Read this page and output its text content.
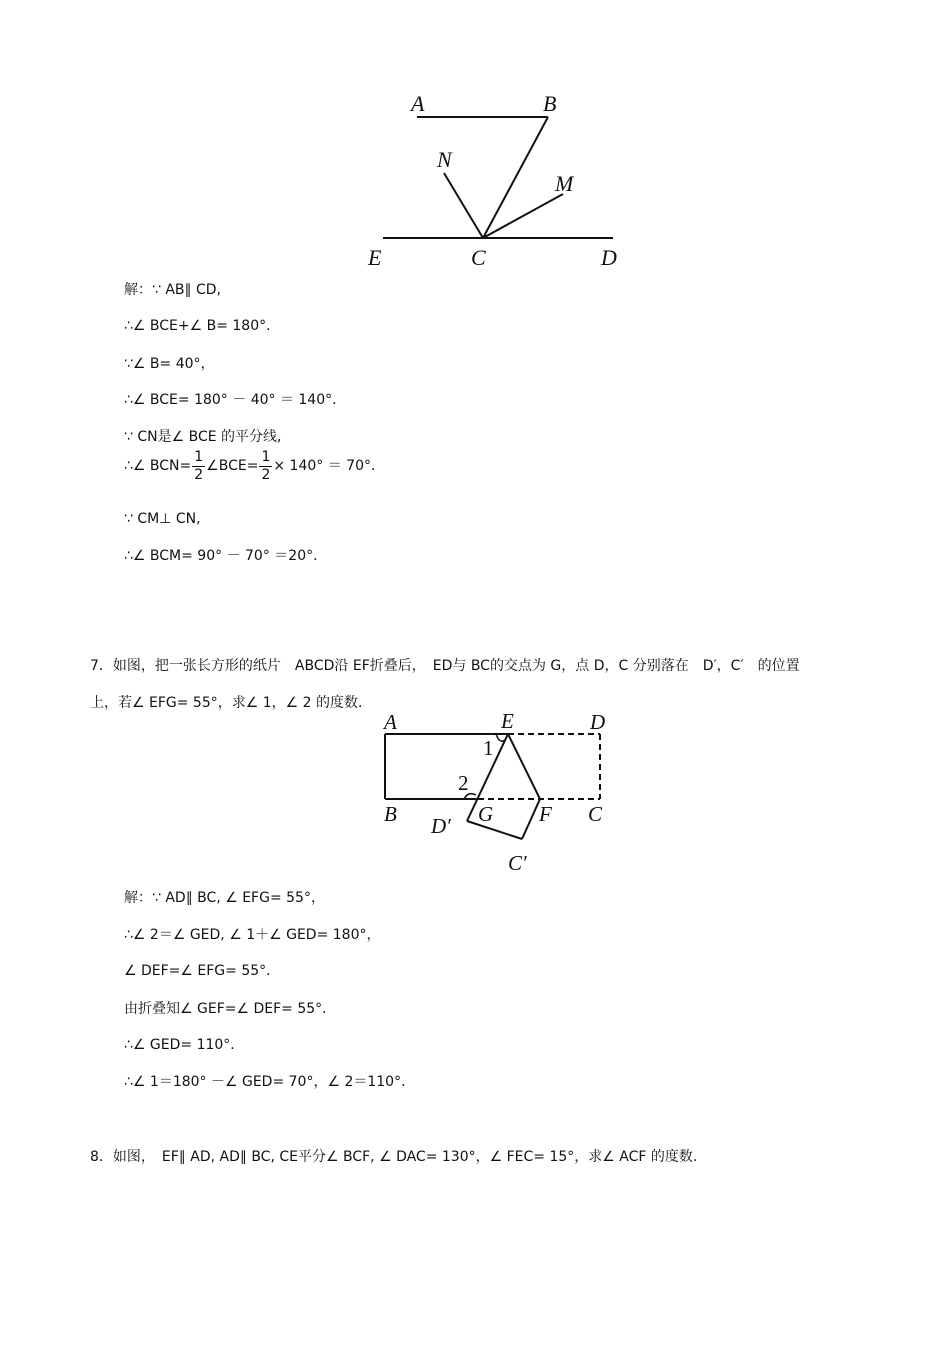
A	B
N
M
E	C	D
解：∵ AB∥ CD,
∴∠ BCE+∠ B= 180°．
∵∠ B= 40°，
∴∠ BCE= 180° － 40° ＝ 140°．
∵ CN是∠ BCE 的平分线,
∴∠ $BCN= \frac{1}{2}$ ∠BCE= $\frac{1}{2} \times 140^\circ = 70^\circ$．
∵ CM⊥ CN,
∴∠ BCM= 90° － 70° ＝20°．
7．如图，把一张长方形的纸片　ABCD沿 EF折叠后，　ED与 BC的交点为 G，点 D，C 分别落在　D′，C′　的位置
上，若∠ EFG= 55°，求∠ 1，∠ 2 的度数.
A	E	D
1
2
B D′ G F C
C′
解：∵ AD∥ BC, ∠ EFG= 55°，
∴∠ 2＝∠ GED, ∠ 1＋∠ GED= 180°，
∠ DEF=∠ EFG= 55°．
由折叠知∠ GEF=∠ DEF= 55°．
∴∠ GED= 110°．
∴∠ 1＝180° －∠ GED= 70°，∠ 2＝110°．
8．如图，　EF∥ AD, AD∥ BC, CE平分∠ BCF, ∠ DAC= 130°，∠ FEC= 15°，求∠ ACF 的度数.
